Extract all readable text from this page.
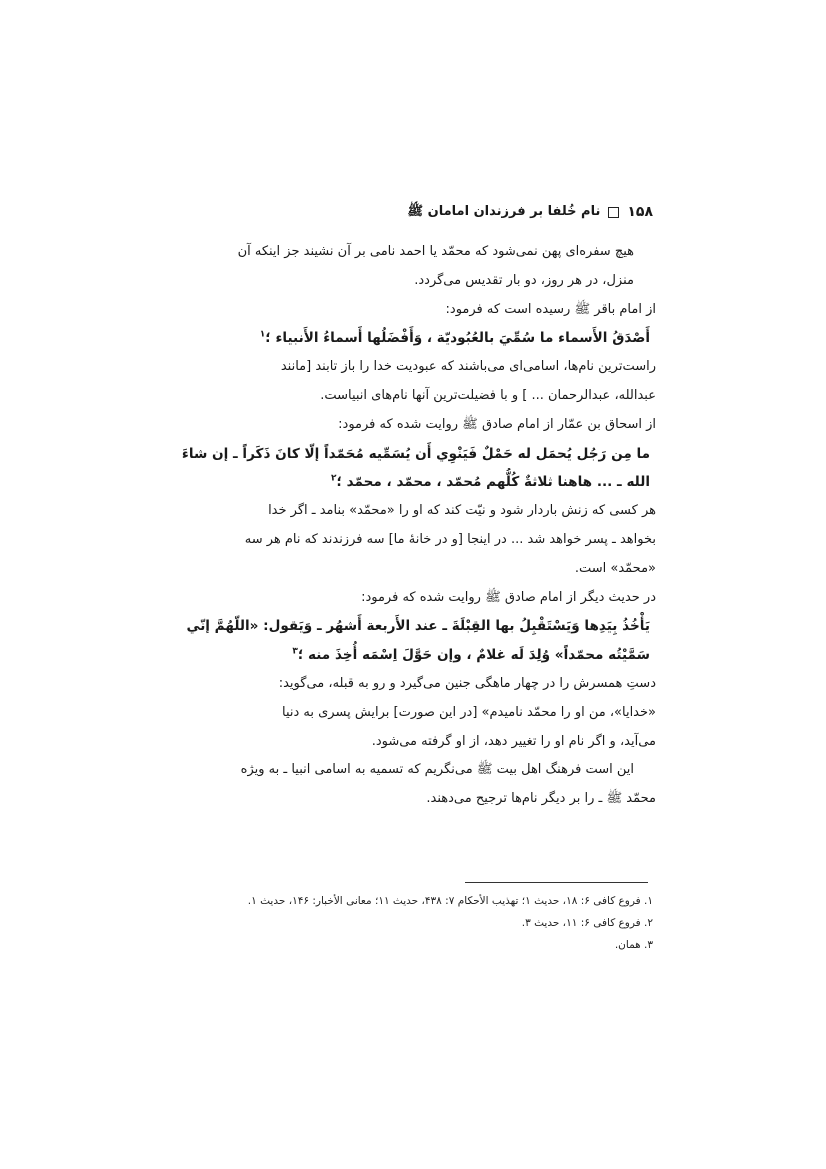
۱۵۸
نام خُلفا بر فرزندان امامان ﷺ
هیچ سفره‌ای پهن نمی‌شود که محمّد یا احمد نامی بر آن نشیند جز اینکه آن
منزل، در هر روز، دو بار تقدیس می‌گردد.
از امام باقر ﷺ رسیده است که فرمود:
أَصْدَقُ الأَسماء ما سُمِّيَ بالعُبُوديّة ، وَأَفْضَلُها أَسماءُ الأَنبياء ؛$^۱$
راست‌ترین نام‌ها، اسامی‌ای می‌باشند که عبودیت خدا را باز تابند [مانند
عبدالله، عبدالرحمان ... ] و با فضیلت‌ترین آنها نام‌های انبیاست.
از اسحاق بن عمّار از امام صادق ﷺ روایت شده که فرمود:
ما مِن رَجُل يُحمَل له حَمْلٌ فَيَنْوِي أَن يُسَمِّيه مُحَمّداً إلّا كانَ ذَكَراً ـ إن شاءَ
الله ـ ... هاهنا ثلاثةٌ كُلُّهم مُحمّد ، محمّد ، محمّد ؛$^۲$
هر کسی که زنش باردار شود و نیّت کند که او را «محمّد» بنامد ـ اگر خدا
بخواهد ـ پسر خواهد شد ... در اینجا [و در خانهٔ ما] سه فرزندند که نام هر سه
«محمّد» است.
در حدیث دیگر از امام صادق ﷺ روایت شده که فرمود:
يَأْخُذُ بِيَدِها وَيَسْتَقْبِلُ بها القِبْلَةَ ـ عند الأَربعة أَشهُر ـ وَيَقول: «اللّهُمَّ إنّي
سَمَّيْتُه محمّداً» وُلِدَ لَه غلامٌ ، وإن حَوَّلَ اِسْمَه أُخِذَ منه ؛$^۳$
دستِ همسرش را در چهار ماهگی جنین می‌گیرد و رو به قبله، می‌گوید:
«خدایا»، من او را محمّد نامیدم» [در این صورت] برایش پسری به دنیا
می‌آید، و اگر نام او را تغییر دهد، از او گرفته می‌شود.
این است فرهنگ اهل بیت ﷺ می‌نگریم که تسمیه به اسامی انبیا ـ به ویژه
محمّد ﷺ ـ را بر دیگر نام‌ها ترجیح می‌دهند.
۱. فروع کافی ۶: ۱۸، حدیث ۱؛ تهذیب الأحکام ۷: ۴۳۸، حدیث ۱۱؛ معانی الأخبار: ۱۴۶، حدیث ۱.
۲. فروع کافی ۶: ۱۱، حدیث ۳.
۳. همان.
